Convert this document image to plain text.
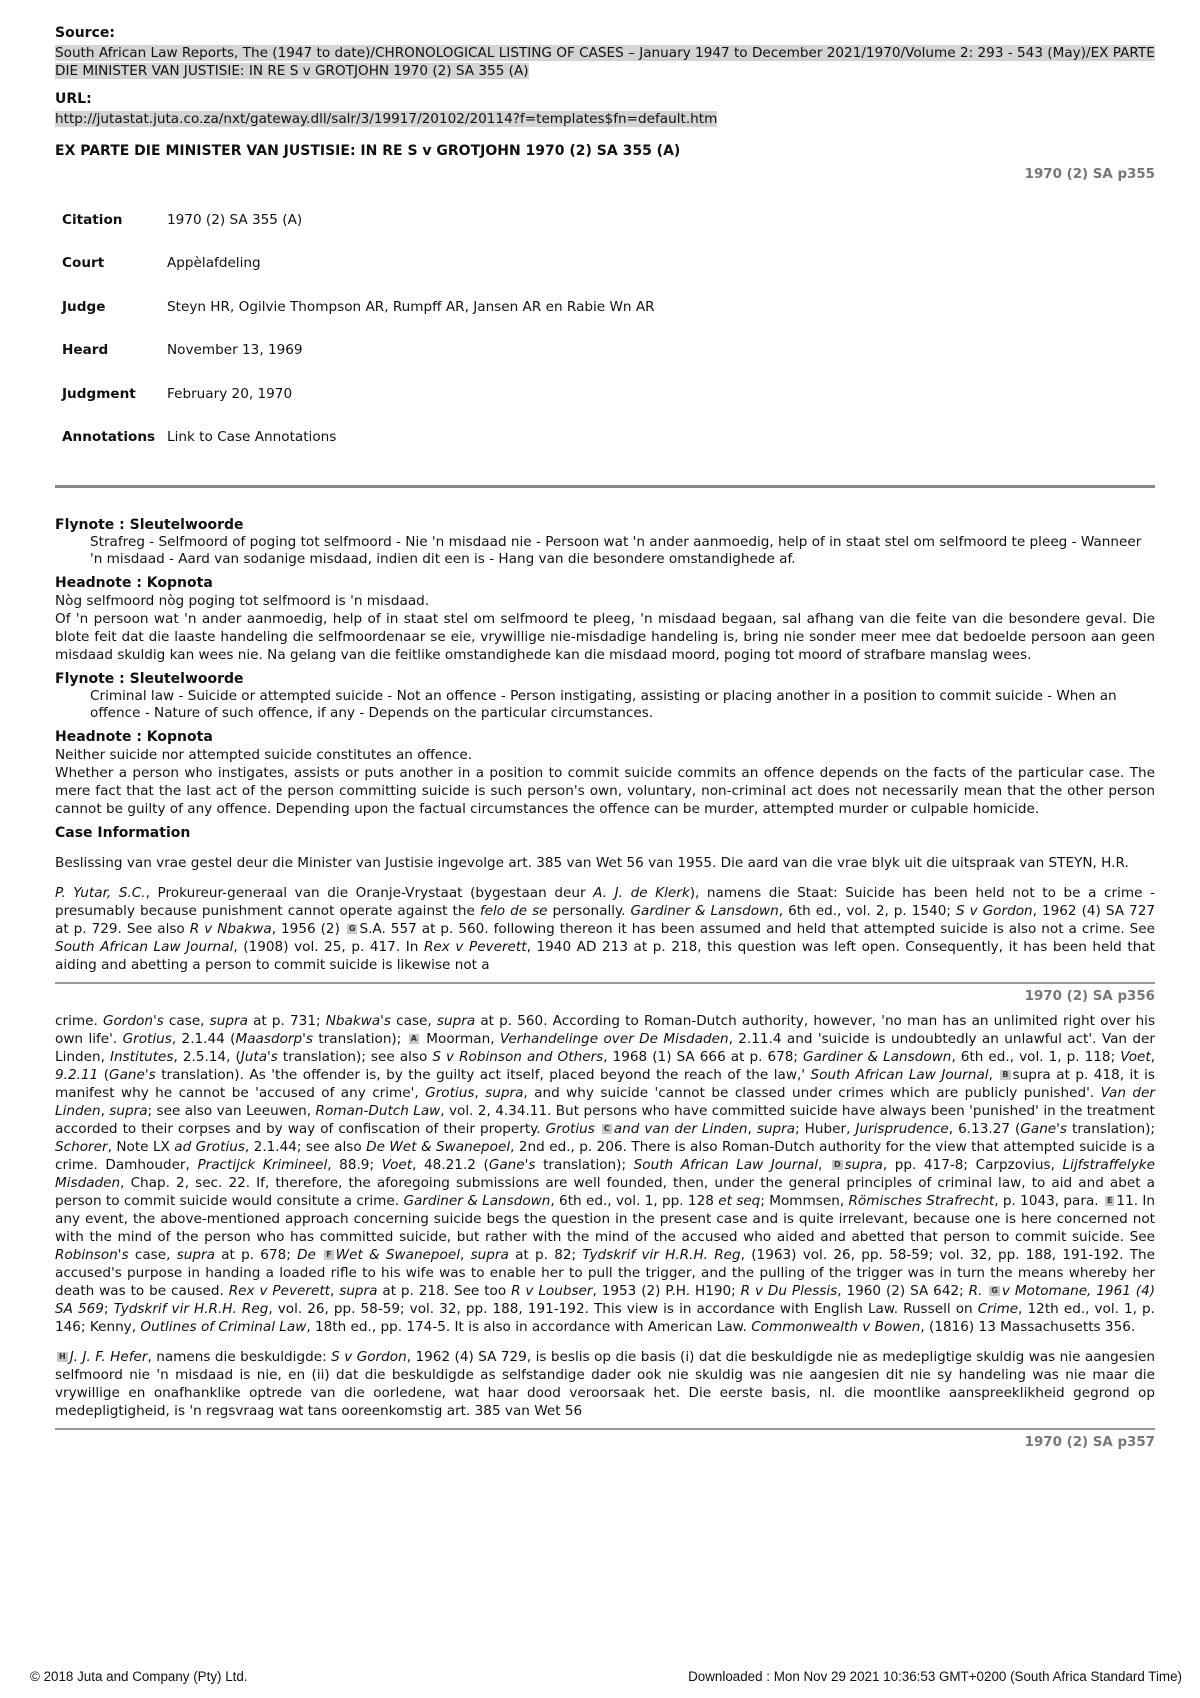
Source:
South African Law Reports, The (1947 to date)/CHRONOLOGICAL LISTING OF CASES – January 1947 to December 2021/1970/Volume 2: 293 - 543 (May)/EX PARTE DIE MINISTER VAN JUSTISIE: IN RE S v GROTJOHN 1970 (2) SA 355 (A)
URL:
http://jutastat.juta.co.za/nxt/gateway.dll/salr/3/19917/20102/20114?f=templates$fn=default.htm
EX PARTE DIE MINISTER VAN JUSTISIE: IN RE S v GROTJOHN 1970 (2) SA 355 (A)
1970 (2) SA p355
Citation	1970 (2) SA 355 (A)
Court	Appèlafdeling
Judge	Steyn HR, Ogilvie Thompson AR, Rumpff AR, Jansen AR en Rabie Wn AR
Heard	November 13, 1969
Judgment	February 20, 1970
Annotations	Link to Case Annotations
Flynote : Sleutelwoorde
Strafreg - Selfmoord of poging tot selfmoord - Nie 'n misdaad nie - Persoon wat 'n ander aanmoedig, help of in staat stel om selfmoord te pleeg - Wanneer 'n misdaad - Aard van sodanige misdaad, indien dit een is - Hang van die besondere omstandighede af.
Headnote : Kopnota

Nòg selfmoord nòg poging tot selfmoord is 'n misdaad.

Of 'n persoon wat 'n ander aanmoedig, help of in staat stel om selfmoord te pleeg, 'n misdaad begaan, sal afhang van die feite van die besondere geval. Die blote feit dat die laaste handeling die selfmoordenaar se eie, vrywillige nie-misdadige handeling is, bring nie sonder meer mee dat bedoelde persoon aan geen misdaad skuldig kan wees nie. Na gelang van die feitlike omstandighede kan die misdaad moord, poging tot moord of strafbare manslag wees.

Flynote : Sleutelwoorde
Criminal law - Suicide or attempted suicide - Not an offence - Person instigating, assisting or placing another in a position to commit suicide - When an offence - Nature of such offence, if any - Depends on the particular circumstances.
Headnote : Kopnota

Neither suicide nor attempted suicide constitutes an offence.

Whether a person who instigates, assists or puts another in a position to commit suicide commits an offence depends on the facts of the particular case. The mere fact that the last act of the person committing suicide is such person's own, voluntary, non-criminal act does not necessarily mean that the other person cannot be guilty of any offence. Depending upon the factual circumstances the offence can be murder, attempted murder or culpable homicide.

Case Information

Beslissing van vrae gestel deur die Minister van Justisie ingevolge art. 385 van Wet 56 van 1955. Die aard van die vrae blyk uit die uitspraak van STEYN, H.R.

P. Yutar, S.C., Prokureur-generaal van die Oranje-Vrystaat (bygestaan deur A. J. de Klerk), namens die Staat: Suicide has been held not to be a crime - presumably because punishment cannot operate against the felo de se personally. Gardiner & Lansdown, 6th ed., vol. 2, p. 1540; S v Gordon, 1962 (4) SA 727 at p. 729. See also R v Nbakwa, 1956 (2) G S.A. 557 at p. 560. following thereon it has been assumed and held that attempted suicide is also not a crime. See South African Law Journal, (1908) vol. 25, p. 417. In Rex v Peverett, 1940 AD 213 at p. 218, this question was left open. Consequently, it has been held that aiding and abetting a person to commit suicide is likewise not a

1970 (2) SA p356

crime. Gordon's case, supra at p. 731; Nbakwa's case, supra at p. 560. According to Roman-Dutch authority, however, 'no man has an unlimited right over his own life'. Grotius, 2.1.44 (Maasdorp's translation); A Moorman, Verhandelinge over De Misdaden, 2.11.4 and 'suicide is undoubtedly an unlawful act'. Van der Linden, Institutes, 2.5.14, (Juta's translation); see also S v Robinson and Others, 1968 (1) SA 666 at p. 678; Gardiner & Lansdown, 6th ed., vol. 1, p. 118; Voet, 9.2.11 (Gane's translation). As 'the offender is, by the guilty act itself, placed beyond the reach of the law,' South African Law Journal, B supra at p. 418, it is manifest why he cannot be 'accused of any crime', Grotius, supra, and why suicide 'cannot be classed under crimes which are publicly punished'. Van der Linden, supra; see also van Leeuwen, Roman-Dutch Law, vol. 2, 4.34.11. But persons who have committed suicide have always been 'punished' in the treatment accorded to their corpses and by way of confiscation of their property. Grotius C and van der Linden, supra; Huber, Jurisprudence, 6.13.27 (Gane's translation); Schorer, Note LX ad Grotius, 2.1.44; see also De Wet & Swanepoel, 2nd ed., p. 206. There is also Roman-Dutch authority for the view that attempted suicide is a crime. Damhouder, Practijck Krimineel, 88.9; Voet, 48.21.2 (Gane's translation); South African Law Journal, D supra, pp. 417-8; Carpzovius, Lijfstraffelyke Misdaden, Chap. 2, sec. 22. If, therefore, the aforegoing submissions are well founded, then, under the general principles of criminal law, to aid and abet a person to commit suicide would consitute a crime. Gardiner & Lansdown, 6th ed., vol. 1, pp. 128 et seq; Mommsen, Römisches Strafrecht, p. 1043, para. E 11. In any event, the above-mentioned approach concerning suicide begs the question in the present case and is quite irrelevant, because one is here concerned not with the mind of the person who has committed suicide, but rather with the mind of the accused who aided and abetted that person to commit suicide. See Robinson's case, supra at p. 678; De F Wet & Swanepoel, supra at p. 82; Tydskrif vir H.R.H. Reg, (1963) vol. 26, pp. 58-59; vol. 32, pp. 188, 191-192. The accused's purpose in handing a loaded rifle to his wife was to enable her to pull the trigger, and the pulling of the trigger was in turn the means whereby her death was to be caused. Rex v Peverett, supra at p. 218. See too R v Loubser, 1953 (2) P.H. H190; R v Du Plessis, 1960 (2) SA 642; R. G v Motomane, 1961 (4) SA 569; Tydskrif vir H.R.H. Reg, vol. 26, pp. 58-59; vol. 32, pp. 188, 191-192. This view is in accordance with English Law. Russell on Crime, 12th ed., vol. 1, p. 146; Kenny, Outlines of Criminal Law, 18th ed., pp. 174-5. It is also in accordance with American Law. Commonwealth v Bowen, (1816) 13 Massachusetts 356.

H J. J. F. Hefer, namens die beskuldigde: S v Gordon, 1962 (4) SA 729, is beslis op die basis (i) dat die beskuldigde nie as medepligtige skuldig was nie aangesien selfmoord nie 'n misdaad is nie, en (ii) dat die beskuldigde as selfstandige dader ook nie skuldig was nie aangesien dit nie sy handeling was nie maar die vrywillige en onafhanklike optrede van die oorledene, wat haar dood veroorsaak het. Die eerste basis, nl. die moontlike aanspreeklikheid gegrond op medepligtigheid, is 'n regsvraag wat tans ooreenkomstig art. 385 van Wet 56

1970 (2) SA p357
© 2018 Juta and Company (Pty) Ltd.	Downloaded : Mon Nov 29 2021 10:36:53 GMT+0200 (South Africa Standard Time)
